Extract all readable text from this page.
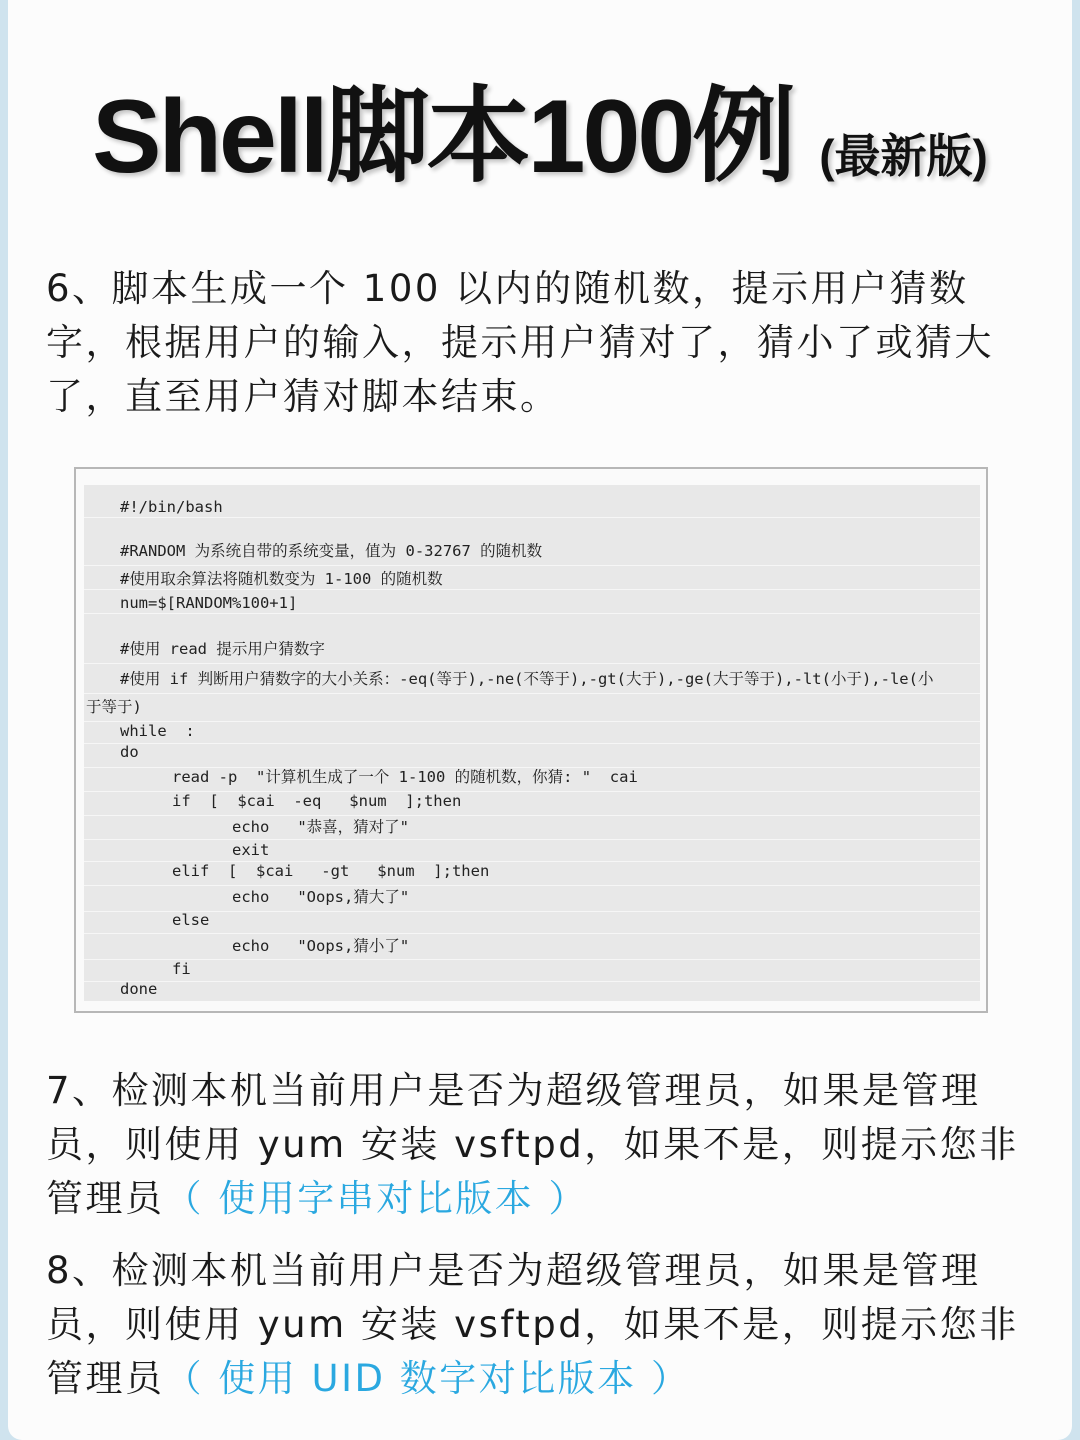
Shell脚本100例 (最新版)

6、脚本生成一个 100 以内的随机数，提示用户猜数字，根据用户的输入，提示用户猜对了，猜小了或猜大了，直至用户猜对脚本结束。

#!/bin/bash
#RANDOM 为系统自带的系统变量，值为 0-32767 的随机数
#使用取余算法将随机数变为 1-100 的随机数
num=$[RANDOM%100+1]
#使用 read 提示用户猜数字
#使用 if 判断用户猜数字的大小关系：-eq(等于),-ne(不等于),-gt(大于),-ge(大于等于),-lt(小于),-le(小
于等于)
while  :
do
read -p  "计算机生成了一个 1-100 的随机数，你猜: "  cai
if  [  $cai  -eq   $num  ];then
echo   "恭喜，猜对了"
exit
elif  [  $cai   -gt   $num  ];then
echo   "Oops,猜大了"
else
echo   "Oops,猜小了"
fi
done

7、检测本机当前用户是否为超级管理员，如果是管理员，则使用 yum 安装 vsftpd，如果不是，则提示您非管理员（ 使用字串对比版本 ）

8、检测本机当前用户是否为超级管理员，如果是管理员，则使用 yum 安装 vsftpd，如果不是，则提示您非管理员（ 使用 UID 数字对比版本 ）
